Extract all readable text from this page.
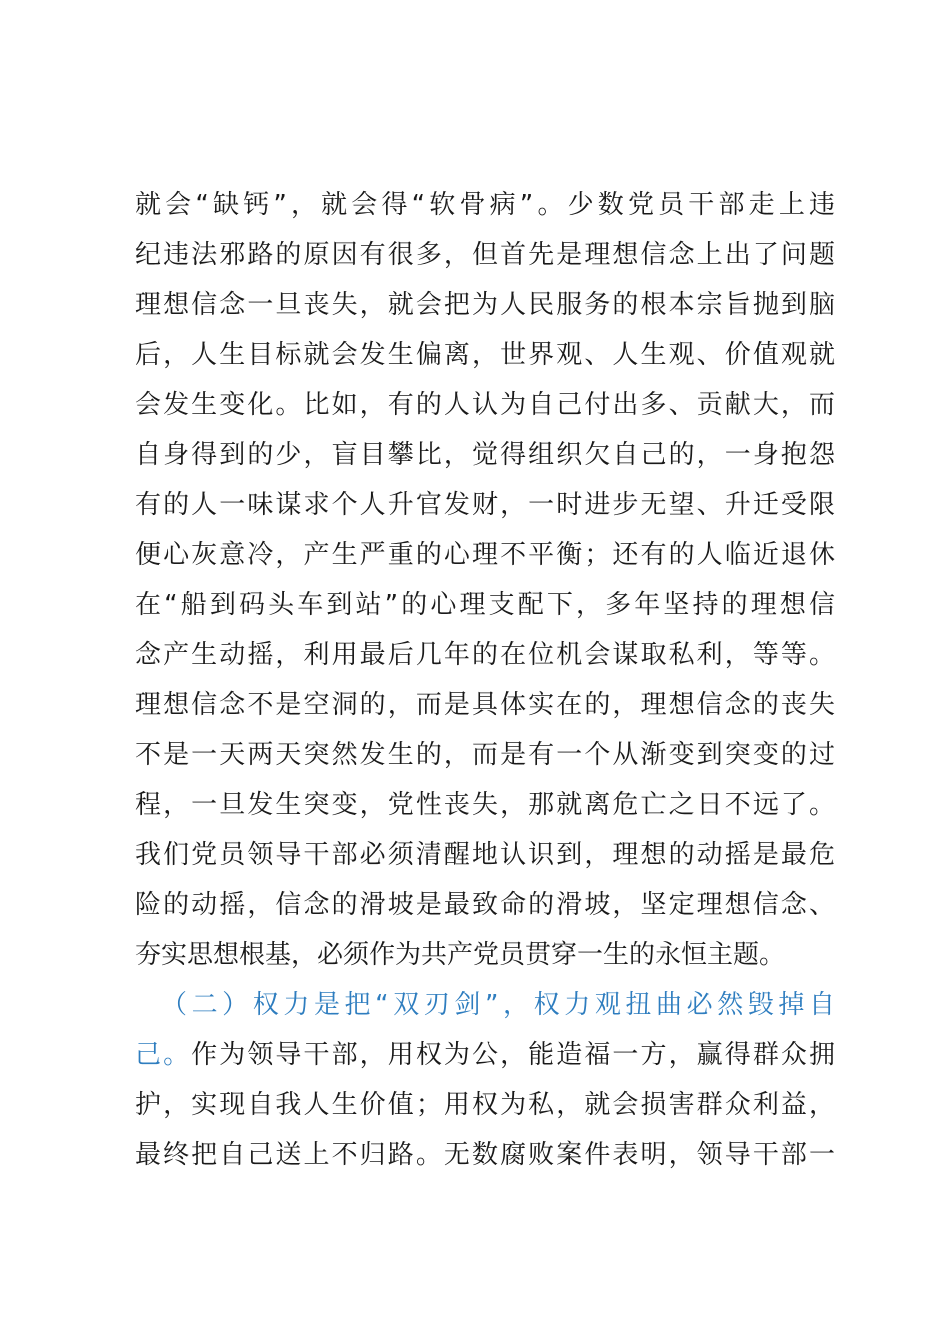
就会“缺钙”，就会得“软骨病”。少数党员干部走上违
纪违法邪路的原因有很多，但首先是理想信念上出了问题
理想信念一旦丧失，就会把为人民服务的根本宗旨抛到脑
后，人生目标就会发生偏离，世界观、人生观、价值观就
会发生变化。比如，有的人认为自己付出多、贡献大，而
自身得到的少，盲目攀比，觉得组织欠自己的，一身抱怨
有的人一味谋求个人升官发财，一时进步无望、升迁受限
便心灰意冷，产生严重的心理不平衡；还有的人临近退休
在“船到码头车到站”的心理支配下，多年坚持的理想信
念产生动摇，利用最后几年的在位机会谋取私利，等等。
理想信念不是空洞的，而是具体实在的，理想信念的丧失
不是一天两天突然发生的，而是有一个从渐变到突变的过
程，一旦发生突变，党性丧失，那就离危亡之日不远了。
我们党员领导干部必须清醒地认识到，理想的动摇是最危
险的动摇，信念的滑坡是最致命的滑坡，坚定理想信念、
夯实思想根基，必须作为共产党员贯穿一生的永恒主题。
（二）权力是把“双刃剑”，权力观扭曲必然毁掉自
己。作为领导干部，用权为公，能造福一方，赢得群众拥
护，实现自我人生价值；用权为私，就会损害群众利益，
最终把自己送上不归路。无数腐败案件表明，领导干部一
